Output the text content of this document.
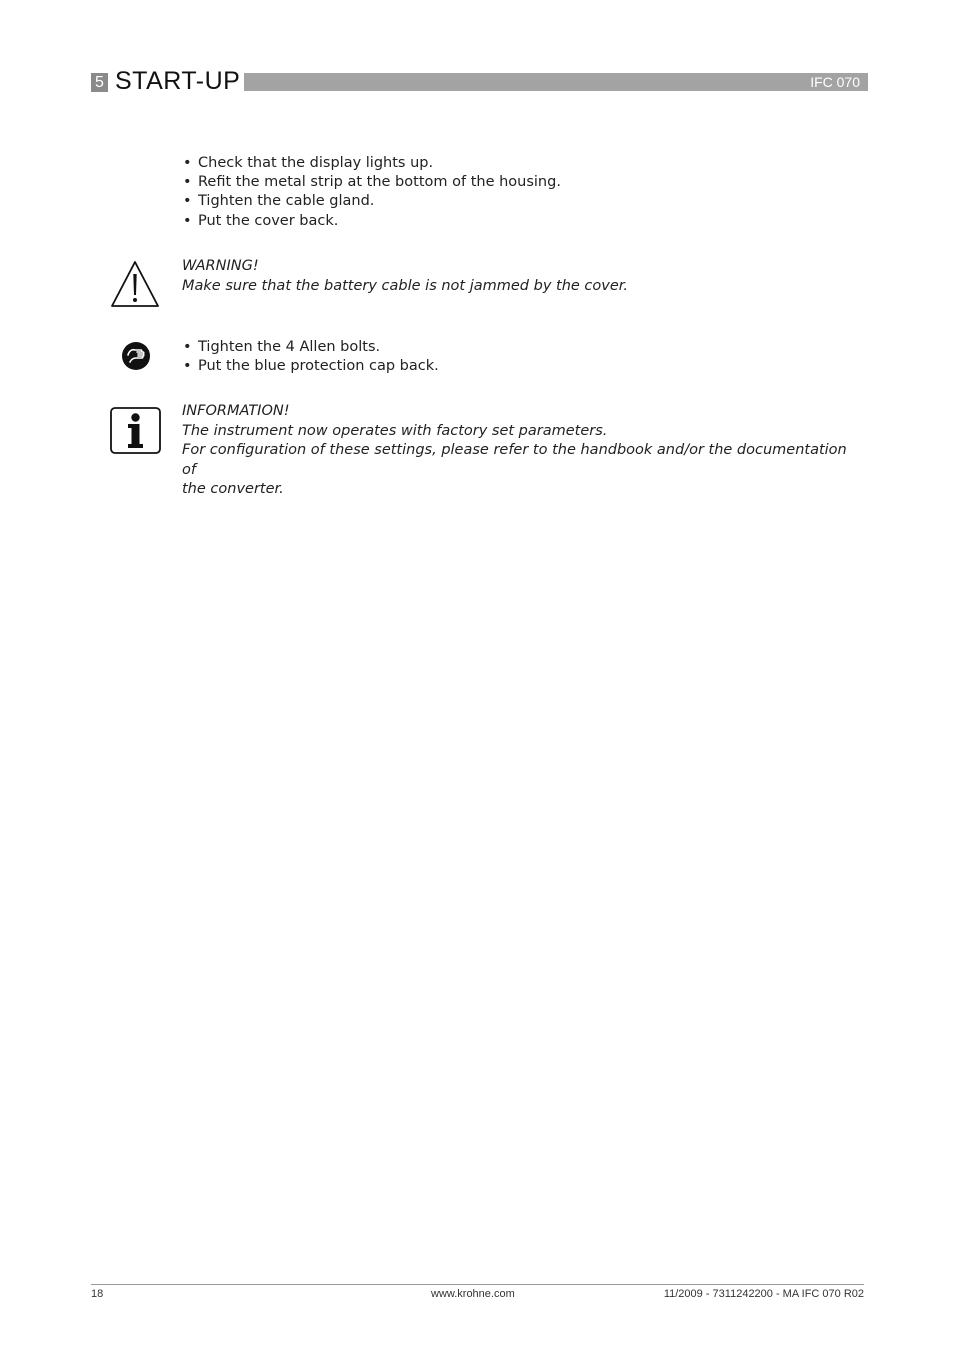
5 START-UP	IFC 070
• Check that the display lights up.
• Refit the metal strip at the bottom of the housing.
• Tighten the cable gland.
• Put the cover back.
WARNING!
Make sure that the battery cable is not jammed by the cover.
• Tighten the 4 Allen bolts.
• Put the blue protection cap back.
INFORMATION!
The instrument now operates with factory set parameters.
For configuration of these settings, please refer to the handbook and/or the documentation of
the converter.
18	www.krohne.com	11/2009 - 7311242200 - MA IFC 070 R02
